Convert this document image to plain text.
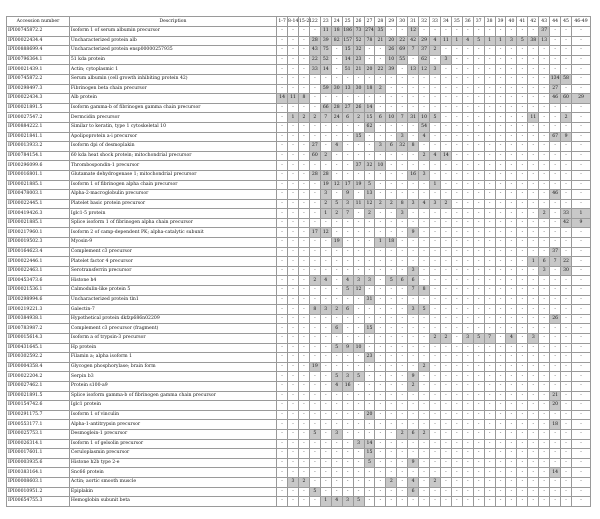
Accession number	Description	1-7	8-14	15-21	22	23	24	25	26	27	28	29	30	31	32	33	34	35	36	37	38	39	40	41	42	43	44	45	46-49
IPI00745872.2	Isoform 1 of serum albumin precursor	-	-	-	-	11	18	186	73	274	35	-	-	12	-	-	-	-	-	-	-	-	-	-	-	37	-	-	-
IPI00022434.4	Uncharacterized protein alb	-	-	-	28	39	82	157	52	78	21	20	22	42	29	4	11	1	4	5	1	1	3	5	38	13	-	-	-
IPI00888699.4	Uncharacterized protein ensp00000257935	-	-	-	43	75	-	15	32	-	-	26	69	7	37	2	-	-	-	-	-	-	-	-	-	-	-	-	-
IPI00796364.1	51 kda protein	-	-	-	22	52	-	14	23	-	-	10	55	-	62	-	3	-	-	-	-	-	-	-	-	-	-	-	-
IPI00021439.1	Actin; cytoplasmic 1	-	-	-	33	14	-	51	21	20	22	39	-	13	12	3	-	-	-	-	-	-	-	-	-	-	-	-	-
IPI00745872.2	Serum albumin (cell growth inhibiting protein 42)	-	-	-	-	-	-	-	-	-	-	-	-	-	-	-	-	-	-	-	-	-	-	-	-	-	134	58	-
IPI00298497.3	Fibrinogen beta chain precursor	-	-	-	-	59	30	13	30	18	2	-	-	-	-	-	-	-	-	-	-	-	-	-	-	-	27	-	-
IPI00022434.3	Alb protein	14	11	8	-	-	-	-	-	-	-	-	-	-	-	-	-	-	-	-	-	-	-	-	-	-	46	60	29
IPI00021891.5	Isoform gamma-b of fibrinogen gamma chain precursor	-	-	-	-	66	28	27	26	14	-	-	-	-	-	-	-	-	-	-	-	-	-	-	-	-	-	-	-
IPI00027547.2	Dermcidin precursor	-	1	2	2	7	24	6	2	15	6	10	7	31	10	5	-	-	-	-	-	-	-	-	11	-	-	2	-
IPI00884222.1	Similar to keratin, type 1 cytoskeletal 10	-	-	-	-	-	-	-	-	62	-	-	-	-	54	-	-	-	-	-	-	-	-	-	-	-	-	-	-
IPI00021841.1	Apolipoprotein a-i precursor	-	-	-	-	-	-	-	15	-	-	-	3	-	4	-	-	-	-	-	-	-	-	-	-	-	67	9	-
IPI00013933.2	Isoform dpi of desmoplakin	-	-	-	27	-	4	-	-	-	3	6	32	8	-	-	-	-	-	-	-	-	-	-	-	-	-	-	-
IPI00784154.1	60 kda heat shock protein; mitochondrial precursor	-	-	-	60	2	-	-	-	-	-	-	-	-	2	4	14	-	-	-	-	-	-	-	-	-	-	-	-
IPI00296099.6	Thrombospondin-1 precursor	-	-	-	-	-	-	-	37	32	10	-	-	-	-	-	-	-	-	-	-	-	-	-	-	-	-	-	-
IPI00016801.1	Glutamate dehydrogenase 1; mitochondrial precursor	-	-	-	28	28	-	-	-	-	-	-	-	16	3	-	-	-	-	-	-	-	-	-	-	-	-	-	-
IPI00021885.1	Isoform 1 of fibrinogen alpha chain precursor	-	-	-	-	19	12	17	19	5	-	-	-	-	-	1	-	-	-	-	-	-	-	-	-	-	-	-	-
IPI00478003.1	Alpha-2-macroglobulin precursor	-	-	-	-	3	-	9	-	13	-	-	-	-	-	-	-	-	-	-	-	-	-	-	-	-	46	-	-
IPI00022445.1	Platelet basic protein precursor	-	-	-	-	2	5	3	11	12	2	2	8	3	4	3	2	-	-	-	-	-	-	-	-	-	-	-	-
IPI00419426.3	Iglc1-5 protein	-	-	-	-	1	2	7	-	2	-	-	3	-	-	-	-	-	-	-	-	-	-	-	-	2	-	33	1
IPI00021885.1	Splice isoform 1 of fibrinogen alpha chain precursor	-	-	-	-	-	-	-	-	-	-	-	-	-	-	-	-	-	-	-	-	-	-	-	-	-	-	42	9
IPI00217960.1	Isoform 2 of camp-dependent PK; alpha-catalytic subunit	-	-	-	17	12	-	-	-	-	-	-	-	9	-	-	-	-	-	-	-	-	-	-	-	-	-	-	-
IPI00019502.3	Myosin-9	-	-	-	-	-	19	-	-	-	1	18	-	-	-	-	-	-	-	-	-	-	-	-	-	-	-	-	-
IPI00164623.4	Complement c3 precursor	-	-	-	-	-	-	-	-	-	-	-	-	-	-	-	-	-	-	-	-	-	-	-	-	-	37	-	-
IPI00022446.1	Platelet factor 4 precursor	-	-	-	-	-	-	-	-	-	-	-	-	-	-	-	-	-	-	-	-	-	-	-	1	6	7	22	-
IPI00022463.1	Serotransferrin precursor	-	-	-	-	-	-	-	-	-	-	-	-	3	-	-	-	-	-	-	-	-	-	-	-	3	-	30	-
IPI00453473.6	Histone h4	-	-	-	2	4	-	4	3	3	-	5	6	6	-	-	-	-	-	-	-	-	-	-	-	-	-	-	-
IPI00021536.1	Calmodulin-like protein 5	-	-	-	-	-	-	5	12	-	-	-	-	7	8	-	-	-	-	-	-	-	-	-	-	-	-	-	-
IPI00298994.6	Uncharacterized protein tln1	-	-	-	-	-	-	-	-	31	-	-	-	-	-	-	-	-	-	-	-	-	-	-	-	-	-	-	-
IPI00219221.3	Galectin-7	-	-	-	8	3	2	6	-	-	-	-	-	3	5	-	-	-	-	-	-	-	-	-	-	-	-	-	-
IPI00384938.1	Hypothetical protein dkfzp686n02209	-	-	-	-	-	-	-	-	-	-	-	-	-	-	-	-	-	-	-	-	-	-	-	-	-	26	-	-
IPI00783987.2	Complement c3 precursor (fragment)	-	-	-	-	-	6	-	-	15	-	-	-	-	-	-	-	-	-	-	-	-	-	-	-	-	-	-	-
IPI00015614.3	Isoform a of trypsin-3 precursor	-	-	-	-	-	-	-	-	-	-	-	-	-	-	2	2	-	3	5	7	-	4	-	3	-	-	-	-
IPI00431645.1	Hp protein	-	-	-	-	-	5	9	10	-	-	-	-	-	-	-	-	-	-	-	-	-	-	-	-	-	-	-	-
IPI00302592.2	Filamin a; alpha isoform 1	-	-	-	-	-	-	-	-	23	-	-	-	-	-	-	-	-	-	-	-	-	-	-	-	-	-	-	-
IPI00004358.4	Glycogen phosphorylase; brain form	-	-	-	19	-	-	-	-	-	-	-	-	-	2	-	-	-	-	-	-	-	-	-	-	-	-	-	-
IPI00022204.2	Serpin b3	-	-	-	-	-	5	3	5	-	-	-	-	9	-	-	-	-	-	-	-	-	-	-	-	-	-	-	-
IPI00027462.1	Protein s100-a9	-	-	-	-	-	4	16	-	-	-	-	-	2	-	-	-	-	-	-	-	-	-	-	-	-	-	-	-
IPI00021891.5	Splice isoform gamma-b of fibrinogen gamma chain precursor	-	-	-	-	-	-	-	-	-	-	-	-	-	-	-	-	-	-	-	-	-	-	-	-	-	21	-	-
IPI00154742.6	Iglc1 protein	-	-	-	-	-	-	-	-	-	-	-	-	-	-	-	-	-	-	-	-	-	-	-	-	-	20	-	-
IPI00291175.7	Isoform 1 of vinculin	-	-	-	-	-	-	-	-	20	-	-	-	-	-	-	-	-	-	-	-	-	-	-	-	-	-	-	-
IPI00553177.1	Alpha-1-antitrypsin precursor	-	-	-	-	-	-	-	-	-	-	-	-	-	-	-	-	-	-	-	-	-	-	-	-	-	18	-	-
IPI00025753.1	Desmoglein-1 precursor	-	-	-	5	-	3	-	-	-	-	-	2	6	2	-	-	-	-	-	-	-	-	-	-	-	-	-	-
IPI00026314.1	Isoform 1 of gelsolin precursor	-	-	-	-	-	-	-	3	14	-	-	-	-	-	-	-	-	-	-	-	-	-	-	-	-	-	-	-
IPI00017601.1	Ceruloplasmin precursor	-	-	-	-	-	-	-	-	15	-	-	-	-	-	-	-	-	-	-	-	-	-	-	-	-	-	-	-
IPI00003935.6	Histone h2b type 2-e	-	-	-	-	-	-	-	-	5	-	-	-	9	-	-	-	-	-	-	-	-	-	-	-	-	-	-	-
IPI00383164.1	Snc66 protein	-	-	-	-	-	-	-	-	-	-	-	-	-	-	-	-	-	-	-	-	-	-	-	-	-	14	-	-
IPI00008603.1	Actin; aortic smooth muscle	-	3	2	-	-	-	-	-	-	-	2	-	4	-	2	-	-	-	-	-	-	-	-	-	-	-	-	-
IPI00010951.2	Epiplakin	-	-	-	5	-	-	-	-	-	-	-	-	6	-	-	-	-	-	-	-	-	-	-	-	-	-	-	-
IPI00654755.3	Hemoglobin subunit beta	-	-	-	-	1	4	3	5	-	-	-	-	-	-	-	-	-	-	-	-	-	-	-	-	-	-	-	-
